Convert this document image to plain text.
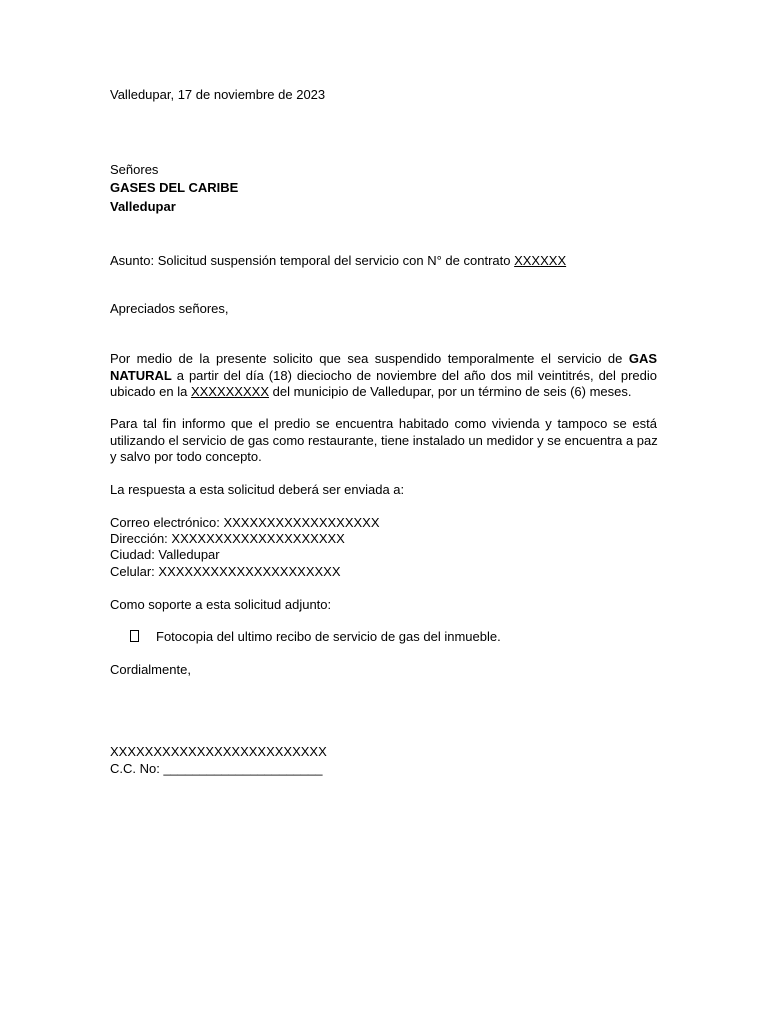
Valledupar, 17 de noviembre de 2023
Señores
GASES DEL CARIBE
Valledupar
Asunto: Solicitud suspensión temporal del servicio con N° de contrato XXXXXX
Apreciados señores,
Por medio de la presente solicito que sea suspendido temporalmente el servicio de GAS
NATURAL a partir del día (18) dieciocho de noviembre del año dos mil veintitrés, del predio
ubicado en la XXXXXXXXX del municipio de Valledupar, por un término de seis (6) meses.
Para tal fin informo que el predio se encuentra habitado como vivienda y tampoco se está
utilizando el servicio de gas como restaurante, tiene instalado un medidor y se encuentra a paz
y salvo por todo concepto.
La respuesta a esta solicitud deberá ser enviada a:
Correo electrónico: XXXXXXXXXXXXXXXXXX
Dirección: XXXXXXXXXXXXXXXXXXXX
Ciudad: Valledupar
Celular: XXXXXXXXXXXXXXXXXXXXX
Como soporte a esta solicitud adjunto:
Fotocopia del ultimo recibo de servicio de gas del inmueble.
Cordialmente,
XXXXXXXXXXXXXXXXXXXXXXXXX
C.C. No: ______________________
